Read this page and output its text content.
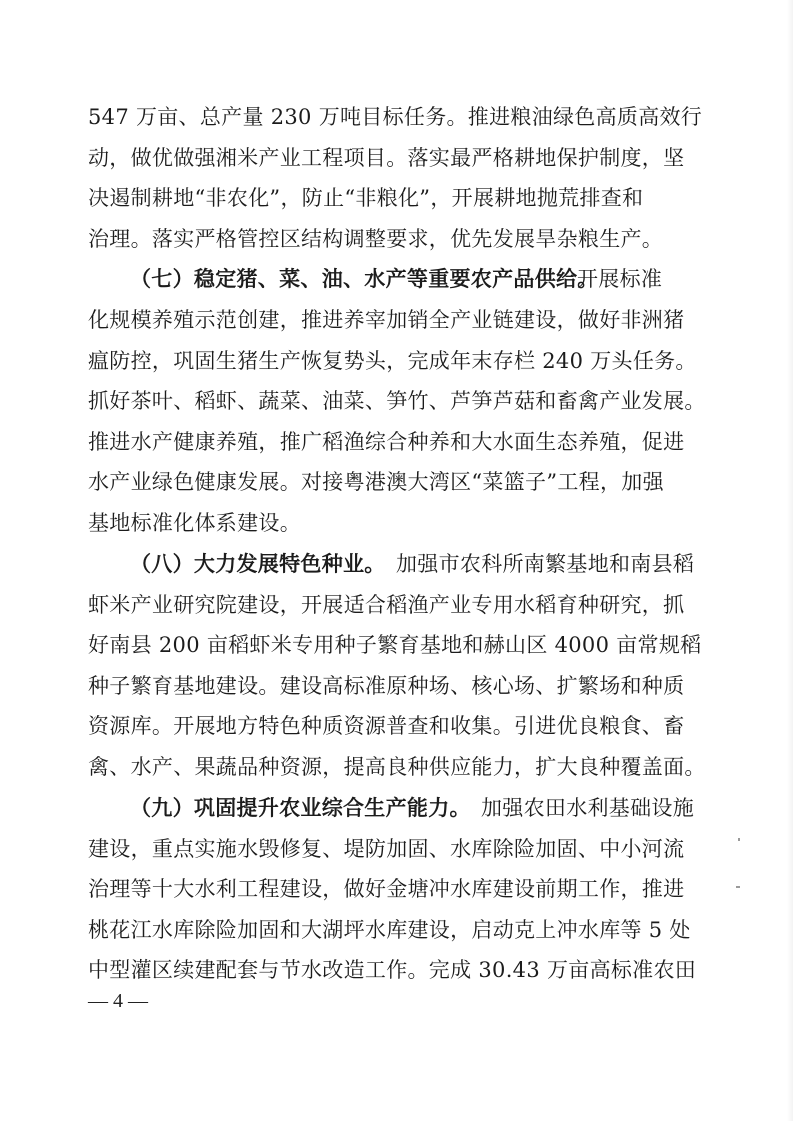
547 万亩、总产量 230 万吨目标任务。推进粮油绿色高质高效行
动，做优做强湘米产业工程项目。落实最严格耕地保护制度，坚
决遏制耕地“非农化”，防止“非粮化”，开展耕地抛荒排查和
治理。落实严格管控区结构调整要求，优先发展旱杂粮生产。
（七）稳定猪、菜、油、水产等重要农产品供给。
开展标准
化规模养殖示范创建，推进养宰加销全产业链建设，做好非洲猪
瘟防控，巩固生猪生产恢复势头，完成年末存栏 240 万头任务。
抓好茶叶、稻虾、蔬菜、油菜、笋竹、芦笋芦菇和畜禽产业发展。
推进水产健康养殖，推广稻渔综合种养和大水面生态养殖，促进
水产业绿色健康发展。对接粤港澳大湾区“菜篮子”工程，加强
基地标准化体系建设。
（八）大力发展特色种业。 加强市农科所南繁基地和南县稻
虾米产业研究院建设，开展适合稻渔产业专用水稻育种研究，抓
好南县 200 亩稻虾米专用种子繁育基地和赫山区 4000 亩常规稻
种子繁育基地建设。建设高标准原种场、核心场、扩繁场和种质
资源库。开展地方特色种质资源普查和收集。引进优良粮食、畜
禽、水产、果蔬品种资源，提高良种供应能力，扩大良种覆盖面。
（九）巩固提升农业综合生产能力。 加强农田水利基础设施
建设，重点实施水毁修复、堤防加固、水库除险加固、中小河流
治理等十大水利工程建设，做好金塘冲水库建设前期工作，推进
桃花江水库除险加固和大湖坪水库建设，启动克上冲水库等 5 处
中型灌区续建配套与节水改造工作。完成 30.43 万亩高标准农田
— 4 —
